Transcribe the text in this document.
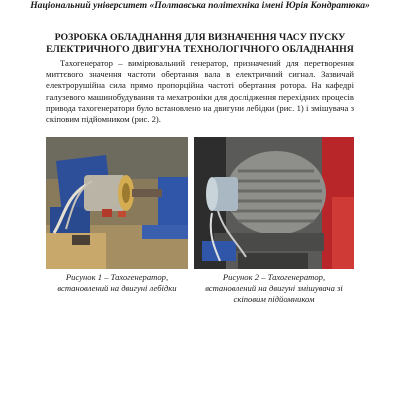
Національний університет «Полтавська політехніка імені Юрія Кондратюка»
РОЗРОБКА ОБЛАДНАННЯ ДЛЯ ВИЗНАЧЕННЯ ЧАСУ ПУСКУ
ЕЛЕКТРИЧНОГО ДВИГУНА ТЕХНОЛОГІЧНОГО ОБЛАДНАННЯ

Тахогенератор – вимірювальний генератор, призначений для перетворення миттєвого значення частоти обертання вала в електричний сигнал. Зазвичай електрорушійна сила прямо пропорційна частоті обертання ротора. На кафедрі галузевого машинобудування та мехатроніки для дослідження перехідних процесів привода тахогенератори було встановлено на двигуни лебідки (рис. 1) і змішувача з скіповим підйомником (рис. 2).

Рисунок 1 – Тахогенератор,
встановлений на двигуні лебідки
Рисунок 2 – Тахогенератор,
встановлений на двигуні змішувача зі
скіповим підйомником
